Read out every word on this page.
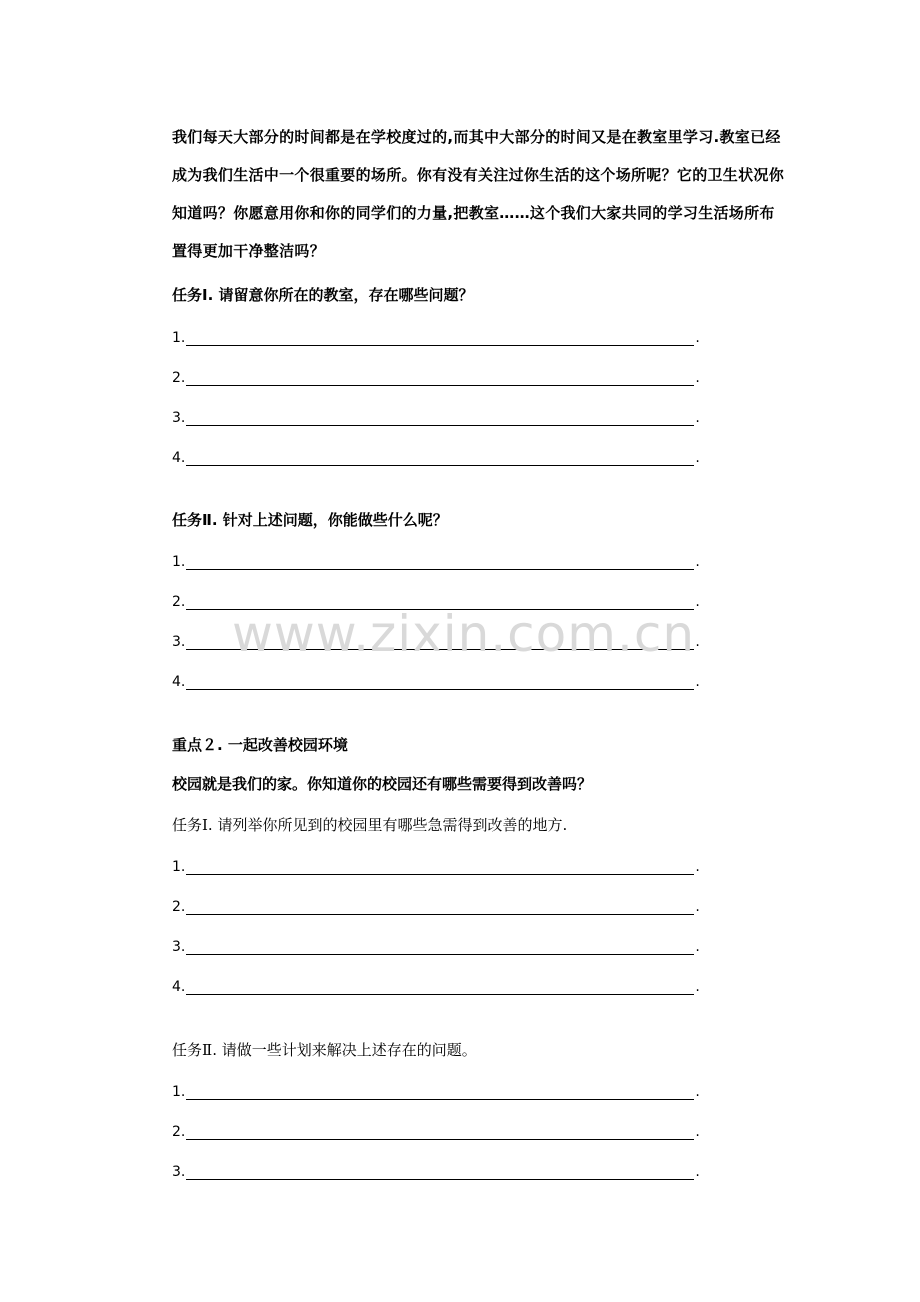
我们每天大部分的时间都是在学校度过的,而其中大部分的时间又是在教室里学习.教室已经成为我们生活中一个很重要的场所。你有没有关注过你生活的这个场所呢？它的卫生状况你知道吗？你愿意用你和你的同学们的力量,把教室……这个我们大家共同的学习生活场所布置得更加干净整洁吗？

任务Ⅰ. 请留意你所在的教室，存在哪些问题？

1.	.
2.	.
3.	.
4.	.

任务Ⅱ. 针对上述问题，你能做些什么呢？

1.	.
2.	.
3.	.
4.	.

重点２. 一起改善校园环境

校园就是我们的家。你知道你的校园还有哪些需要得到改善吗？

任务Ⅰ. 请列举你所见到的校园里有哪些急需得到改善的地方.

1.	.
2.	.
3.	.
4.	.

任务Ⅱ. 请做一些计划来解决上述存在的问题。

1.	.
2.	.
3.	.
www.zixin.com.cn
